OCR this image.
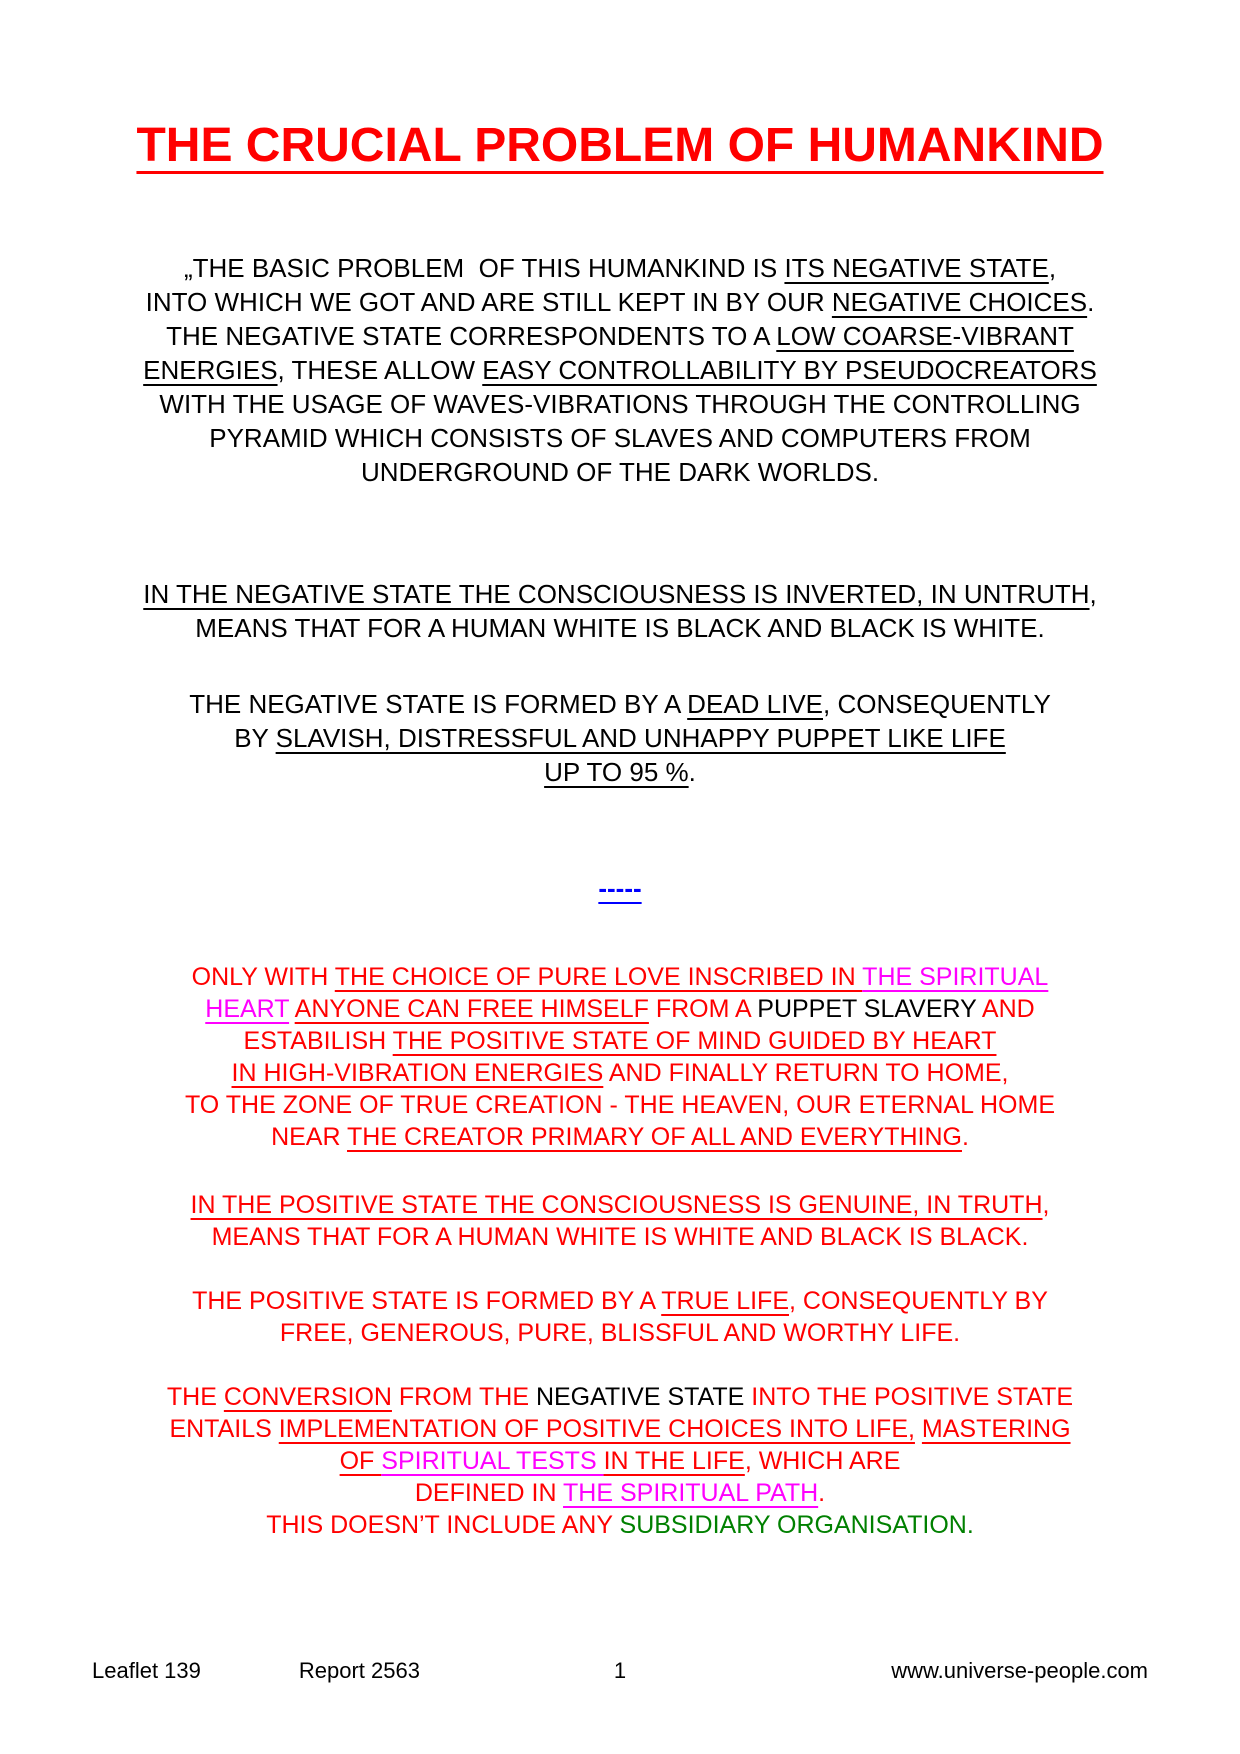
THE CRUCIAL PROBLEM OF HUMANKIND
„THE BASIC PROBLEM  OF THIS HUMANKIND IS ITS NEGATIVE STATE,
INTO WHICH WE GOT AND ARE STILL KEPT IN BY OUR NEGATIVE CHOICES.
THE NEGATIVE STATE CORRESPONDENTS TO A LOW COARSE-VIBRANT
ENERGIES, THESE ALLOW EASY CONTROLLABILITY BY PSEUDOCREATORS
WITH THE USAGE OF WAVES-VIBRATIONS THROUGH THE CONTROLLING
PYRAMID WHICH CONSISTS OF SLAVES AND COMPUTERS FROM
UNDERGROUND OF THE DARK WORLDS.
IN THE NEGATIVE STATE THE CONSCIOUSNESS IS INVERTED, IN UNTRUTH,
MEANS THAT FOR A HUMAN WHITE IS BLACK AND BLACK IS WHITE.
THE NEGATIVE STATE IS FORMED BY A DEAD LIVE, CONSEQUENTLY
BY SLAVISH, DISTRESSFUL AND UNHAPPY PUPPET LIKE LIFE
UP TO 95 %.
-----
ONLY WITH THE CHOICE OF PURE LOVE INSCRIBED IN THE SPIRITUAL
HEART ANYONE CAN FREE HIMSELF FROM A PUPPET SLAVERY AND
ESTABILISH THE POSITIVE STATE OF MIND GUIDED BY HEART
IN HIGH-VIBRATION ENERGIES AND FINALLY RETURN TO HOME,
TO THE ZONE OF TRUE CREATION - THE HEAVEN, OUR ETERNAL HOME
NEAR THE CREATOR PRIMARY OF ALL AND EVERYTHING.
IN THE POSITIVE STATE THE CONSCIOUSNESS IS GENUINE, IN TRUTH,
MEANS THAT FOR A HUMAN WHITE IS WHITE AND BLACK IS BLACK.
THE POSITIVE STATE IS FORMED BY A TRUE LIFE, CONSEQUENTLY BY
FREE, GENEROUS, PURE, BLISSFUL AND WORTHY LIFE.
THE CONVERSION FROM THE NEGATIVE STATE INTO THE POSITIVE STATE
ENTAILS IMPLEMENTATION OF POSITIVE CHOICES INTO LIFE, MASTERING
OF SPIRITUAL TESTS IN THE LIFE, WHICH ARE
DEFINED IN THE SPIRITUAL PATH.
THIS DOESN’T INCLUDE ANY SUBSIDIARY ORGANISATION.
Leaflet 139	Report 2563	1	www.universe-people.com
